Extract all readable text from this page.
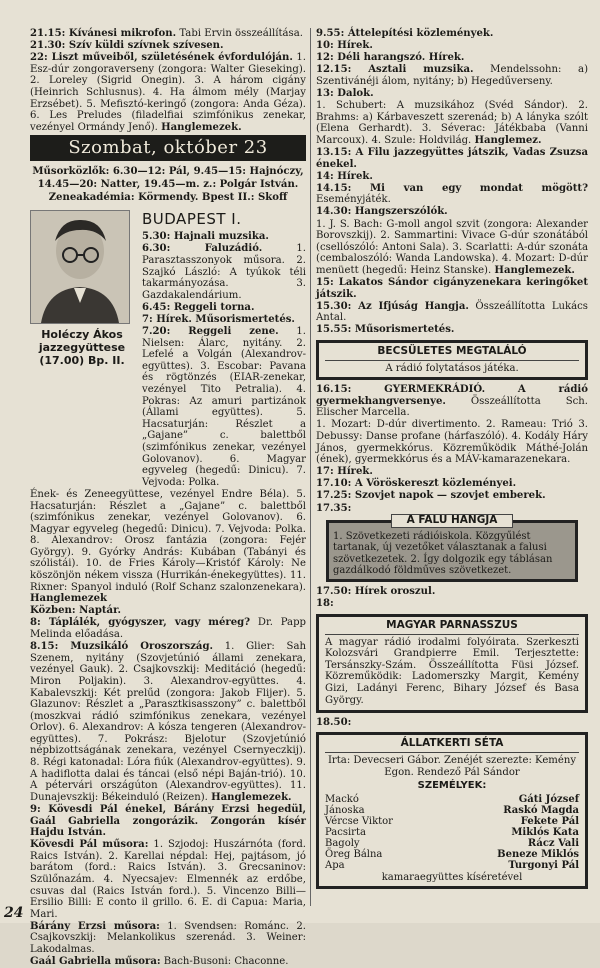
21.15: Kívánesi mikrofon. Tabi Ervin összeállítása.

21.30: Szív küldi szívnek szívesen.

22: Liszt műveiből, születésének évfordulóján. 1. Esz-dúr zongoraverseny (zongora: Walter Gieseking). 2. Loreley (Sigrid Onegin). 3. A három cigány (Heinrich Schlusnus). 4. Ha álmom mély (Marjay Erzsébet). 5. Mefisztó-keringő (zongora: Anda Géza). 6. Les Preludes (filadelfiai szimfónikus zenekar, vezényel Ormándy Jenő). Hanglemezek.

Szombat, október 23
Műsorközlők: 6.30—12: Pál, 9.45—15: Hajnóczy, 14.45—20: Natter, 19.45—m. z.: Polgár István. Zeneakadémia: Körmendy. Bpest II.: Skoff
Holéczy Ákos jazzegyüttese (17.00) Bp. II.
BUDAPEST I.

5.30: Hajnali muzsika.

6.30: Faluzádió. 1. Parasztasszonyok műsora. 2. Szajkó László: A tyúkok téli takarmányozása. 3. Gazdakalendárium.

6.45: Reggeli torna.

7: Hírek. Műsorismertetés.

7.20: Reggeli zene. 1. Nielsen: Álarc, nyitány. 2. Lefelé a Volgán (Alexandrov-együttes). 3. Escobar: Pavana és rögtönzés (EIAR-zenekar, vezényel Tito Petralia). 4. Pokras: Az amuri partizánok (Állami együttes). 5. Hacsaturján: Részlet a „Gajane” c. balettből (szimfónikus zenekar, vezényel Golovanov). 6. Magyar egyveleg (hegedű: Dinicu). 7. Vejvoda: Polka.

Ének- és Zeneegyüttese, vezényel Endre Béla). 5. Hacsaturján: Részlet a „Gajane” c. balettből (szimfónikus zenekar, vezényel Golovanov). 6. Magyar egyveleg (hegedű: Dinicu). 7. Vejvoda: Polka. 8. Alexandrov: Orosz fantázia (zongora: Fejér György). 9. Gyórky András: Kubában (Tabányi és szólistái). 10. de Fries Károly—Kristóf Károly: Ne köszönjön nékem vissza (Hurrikán-énekegyüttes). 11. Rixner: Spanyol induló (Rolf Schanz szalonzenekara). Hanglemezek

Közben: Naptár.

8: Táplálék, gyógyszer, vagy méreg? Dr. Papp Melinda előadása.

8.15: Muzsikáló Oroszország. 1. Glier: Sah Szenem, nyitány (Szovjetúnió állami zenekara, vezényel Gauk). 2. Csajkovszkij: Meditáció (hegedű: Miron Poljakin). 3. Alexandrov-együttes. 4. Kabalevszkij: Két prelűd (zongora: Jakob Flijer). 5. Glazunov: Részlet a „Parasztkisasszony” c. balettből (moszkvai rádió szimfónikus zenekara, vezényel Orlov). 6. Alexandrov: A kósza tengeren (Alexandrov-együttes). 7. Pokrász: Bjelotur (Szovjetúnió népbizottságának zenekara, vezényel Csernyeczkij). 8. Régi katonadal: Lóra fiúk (Alexandrov-együttes). 9. A hadiflotta dalai és táncai (első népi Baján-trió). 10. A pétervári országúton (Alexandrov-együttes). 11. Dunajevszkij: Békeinduló (Reizen). Hanglemezek.

9: Kövesdi Pál énekel, Bárány Erzsi hegedül, Gaál Gabriella zongorázik. Zongorán kísér Hajdu István.

Kövesdi Pál műsora: 1. Szjodoj: Huszárnóta (ford. Raics István). 2. Karellai népdal: Hej, pajtásom, jó barátom (ford.: Raics István). 3. Grecsaninov: Szülőnazám. 4. Nyecsajev: Elmennék az erdőbe, csuvas dal (Raics István ford.). 5. Vincenzo Billi—Ersilio Billi: E conto il grillo. 6. E. di Capua: Maria, Mari.

Bárány Erzsi műsora: 1. Svendsen: Románc. 2. Csajkovszkij: Melankolikus szerenád. 3. Weiner: Lakodalmas.

Gaál Gabriella műsora: Bach-Busoni: Chaconne.

9.55: Áttelepítési közlemények.

10: Hírek.

12: Déli harangszó. Hírek.

12.15: Asztali muzsika. Mendelssohn: a) Szentivánéji álom, nyitány; b) Hegedűverseny.

13: Dalok.

1. Schubert: A muzsikához (Svéd Sándor). 2. Brahms: a) Kárbaveszett szerenád; b) A lányka szólt (Elena Gerhardt). 3. Séverac: Játékbaba (Vanni Marcoux). 4. Szule: Holdvilág. Hanglemez.

13.15: A Filu jazzegyüttes játszik, Vadas Zsuzsa énekel.

14: Hírek.

14.15: Mi van egy mondat mögött? Eseményjáték.

14.30: Hangszerszólók.

1. J. S. Bach: G-moll angol szvit (zongora: Alexander Borovszkij). 2. Sammartini: Vivace G-dúr szonátából (csellószóló: Antoni Sala). 3. Scarlatti: A-dúr szonáta (cembaloszóló: Wanda Landowska). 4. Mozart: D-dúr menüett (hegedű: Heinz Stanske). Hanglemezek.

15: Lakatos Sándor cigányzenekara keringőket játszik.

15.30: Az Ifjúság Hangja. Összeállította Lukács Antal.

15.55: Műsorismertetés.

BECSÜLETES MEGTALÁLÓ
A rádió folytatásos játéka.

16.15: GYERMEKRÁDIÓ. A rádió gyermekhangversenye. Összeállította Sch. Elischer Marcella.

1. Mozart: D-dúr divertimento. 2. Rameau: Trió 3. Debussy: Danse profane (hárfaszóló). 4. Kodály Háry János, gyermekkórus. Közreműködik Máthé-Jolán (ének), gyermekkórus és a MÁV-kamarazenekara.

17: Hírek.

17.10: A Vöröskereszt közleményei.

17.25: Szovjet napok — szovjet emberek.

17.35:

A FALU HANGJA
1. Szövetkezeti rádióiskola. Közgyűlést tartanak, új vezetőket választanak a falusi szövetkezetek. 2. Így dolgozik egy táblásan gazdálkodó földműves szövetkezet.

17.50: Hírek oroszul.

18:

MAGYAR PARNASSZUS

A magyar rádió irodalmi folyóirata. Szerkeszti Kolozsvári Grandpierre Emil. Terjesztette: Tersánszky-Szám. Összeállította Füsi József. Közreműködik: Ladomerszky Margit, Kemény Gizi, Ladányi Ferenc, Bihary József és Basa György.

18.50:

ÁLLATKERTI SÉTA
Irta: Devecseri Gábor. Zenéjét szerezte: Kemény Egon. Rendező Pál Sándor
SZEMÉLYEK:
Mackó	Gáti József
Jánoska	Raskó Magda
Vércse Viktor	Fekete Pál
Pacsirta	Miklós Kata
Bagoly	Rácz Vali
Öreg Bálna	Beneze Miklós
Apa	Turgonyi Pál
kamaraegyüttes kíséretével
24
